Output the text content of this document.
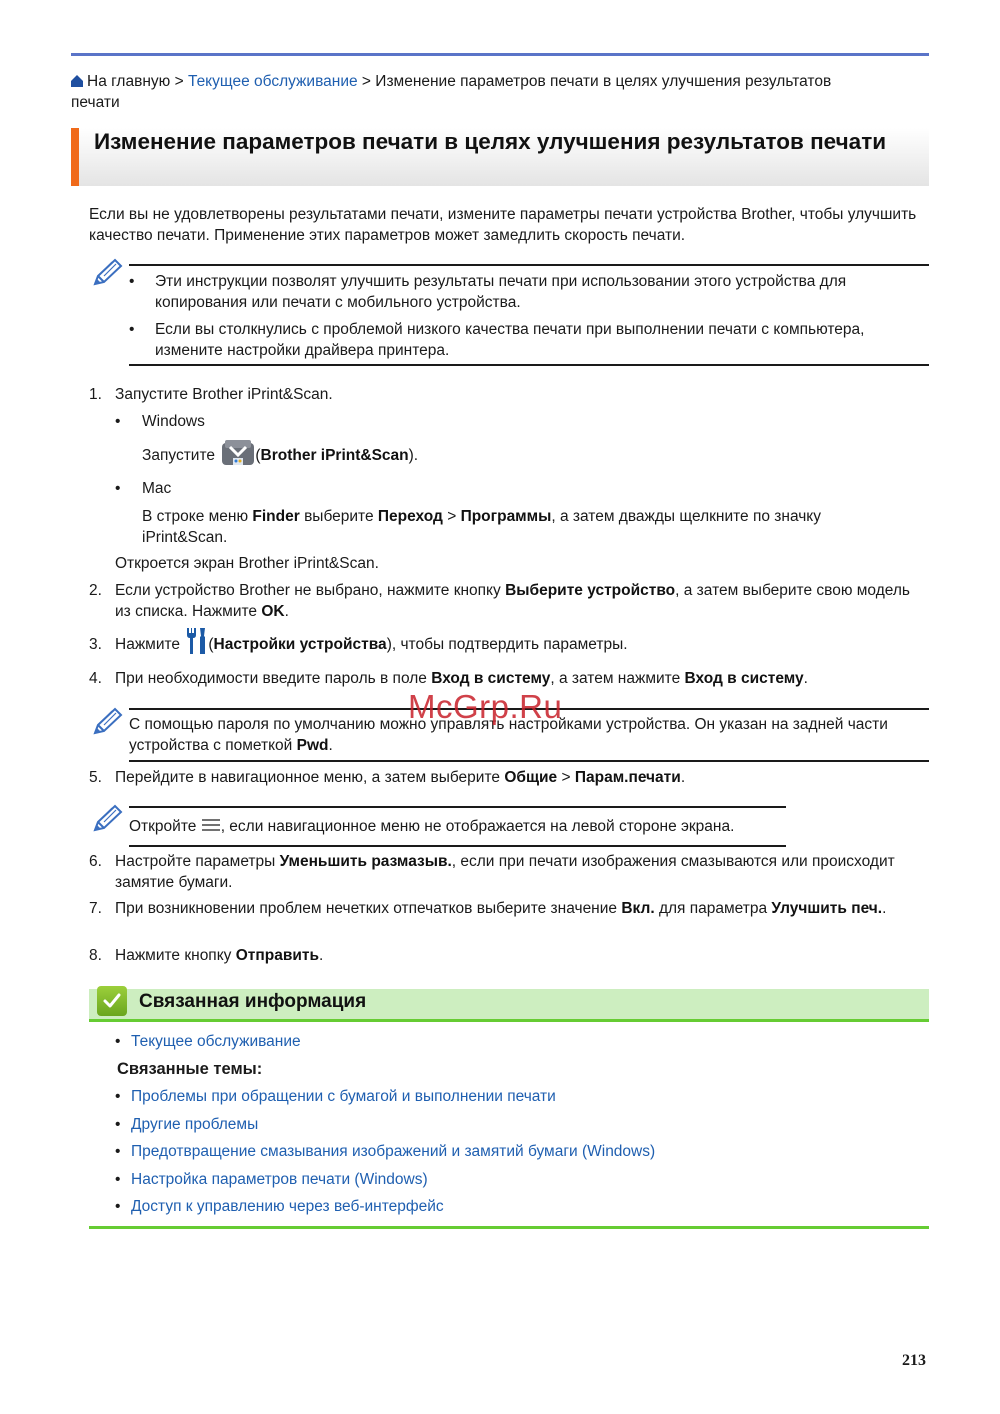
На главную > Текущее обслуживание > Изменение параметров печати в целях улучшения результатов печати
Изменение параметров печати в целях улучшения результатов печати
Если вы не удовлетворены результатами печати, измените параметры печати устройства Brother, чтобы улучшить качество печати. Применение этих параметров может замедлить скорость печати.
• Эти инструкции позволят улучшить результаты печати при использовании этого устройства для копирования или печати с мобильного устройства.
• Если вы столкнулись с проблемой низкого качества печати при выполнении печати с компьютера, измените настройки драйвера принтера.
1. Запустите Brother iPrint&Scan.
• Windows
Запустите	(Brother iPrint&Scan).
• Mac
В строке меню Finder выберите Переход > Программы, а затем дважды щелкните по значку iPrint&Scan.
Откроется экран Brother iPrint&Scan.
2. Если устройство Brother не выбрано, нажмите кнопку Выберите устройство, а затем выберите свою модель из списка. Нажмите OK.
3. Нажмите (Настройки устройства), чтобы подтвердить параметры.
4. При необходимости введите пароль в поле Вход в систему, а затем нажмите Вход в систему.

С помощью пароля по умолчанию можно управлять настройками устройства. Он указан на задней части устройства с пометкой Pwd.

5. Перейдите в навигационное меню, а затем выберите Общие > Парам.печати.

Откройте , если навигационное меню не отображается на левой стороне экрана.

6. Настройте параметры Уменьшить размазыв., если при печати изображения смазываются или происходит замятие бумаги.
7. При возникновении проблем нечетких отпечатков выберите значение Вкл. для параметра Улучшить печ..
8. Нажмите кнопку Отправить.
Связанная информация
• Текущее обслуживание
Связанные темы:
• Проблемы при обращении с бумагой и выполнении печати
• Другие проблемы
• Предотвращение смазывания изображений и замятий бумаги (Windows)
• Настройка параметров печати (Windows)
• Доступ к управлению через веб-интерфейс
McGrp.Ru
213
